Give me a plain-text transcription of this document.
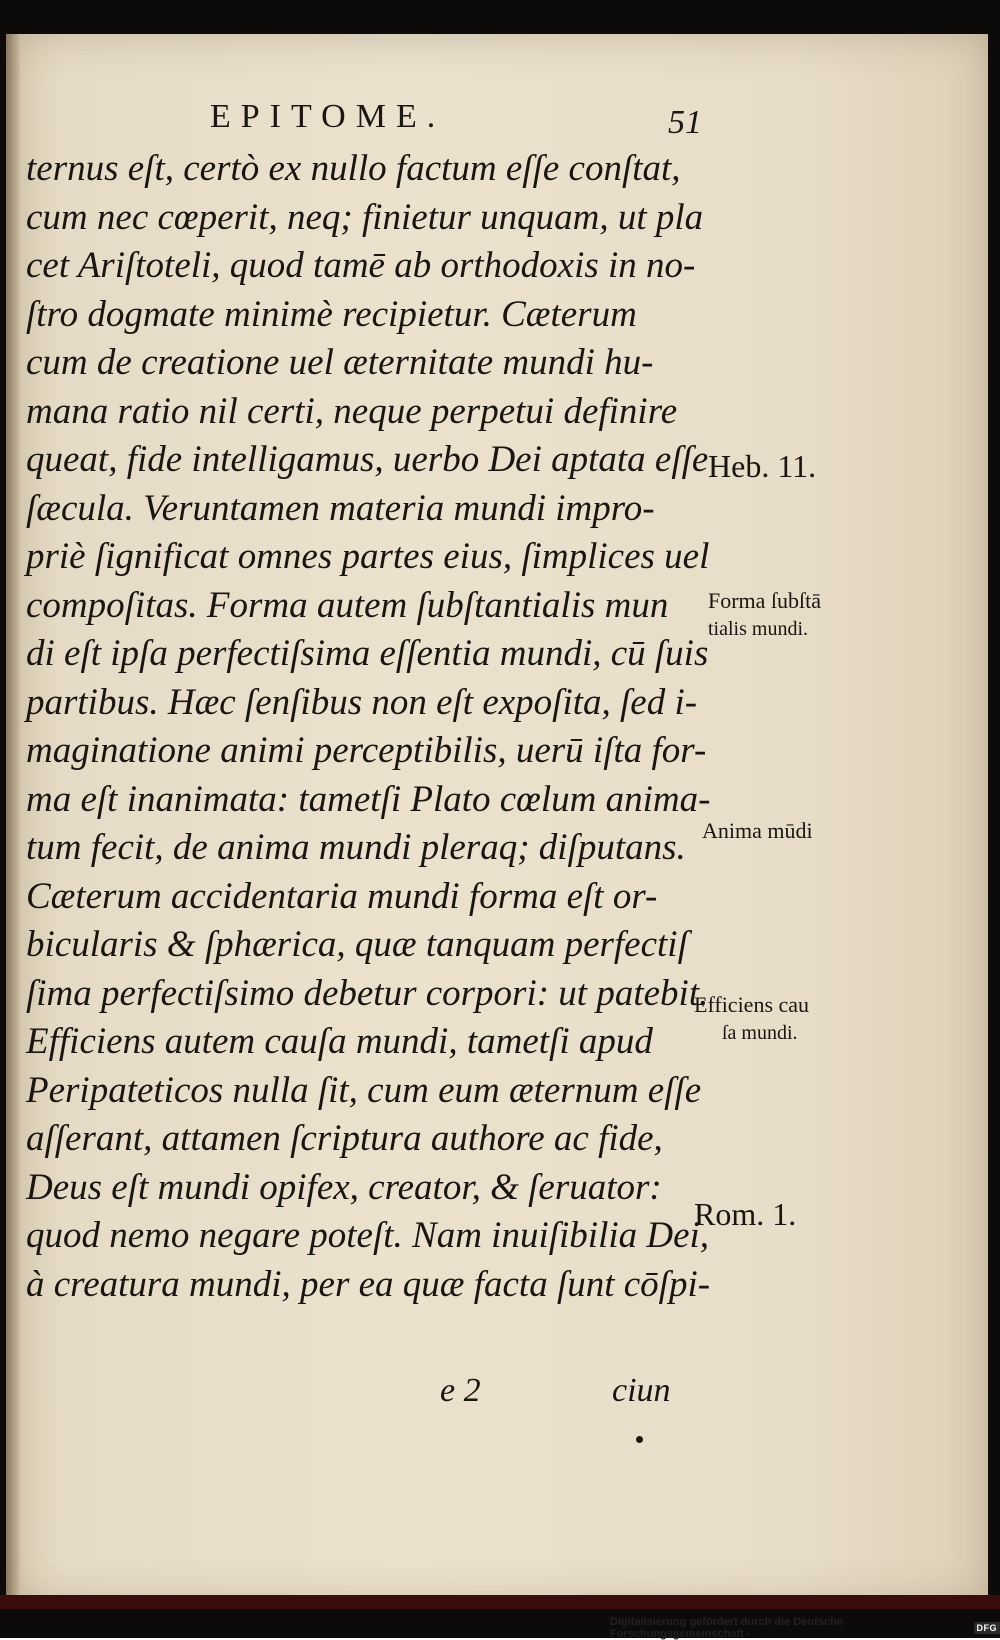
EPITOME.	51
ternus eſt, certò ex nullo factum eſſe conſtat,
cum nec cœperit, neq; finietur unquam, ut pla
cet Ariſtoteli, quod tamē ab orthodoxis in no-
ſtro dogmate minimè recipietur. Cæterum
cum de creatione uel æternitate mundi hu-
mana ratio nil certi, neque perpetui definire
queat, fide intelligamus, uerbo Dei aptata eſſe
ſæcula. Veruntamen materia mundi impro-
priè ſignificat omnes partes eius, ſimplices uel
compoſitas. Forma autem ſubſtantialis mun
di eſt ipſa perfectiſsima eſſentia mundi, cū ſuis
partibus. Hæc ſenſibus non eſt expoſita, ſed i-
maginatione animi perceptibilis, uerū iſta for-
ma eſt inanimata: tametſi Plato cœlum anima-
tum fecit, de anima mundi pleraq; diſputans.
Cæterum accidentaria mundi forma eſt or-
bicularis & ſphærica, quæ tanquam perfectiſ
ſima perfectiſsimo debetur corpori: ut patebit.
Efficiens autem cauſa mundi, tametſi apud
Peripateticos nulla ſit, cum eum æternum eſſe
aſſerant, attamen ſcriptura authore ac fide,
Deus eſt mundi opifex, creator, & ſeruator:
quod nemo negare poteſt. Nam inuiſibilia Dei,
à creatura mundi, per ea quæ facta ſunt cōſpi-
e 2	ciun
Heb. 11.
Forma ſubſtā
tialis mundi.
Anima mūdi
Efficiens cau
ſa mundi.
Rom. 1.
Digitalisierung gefördert durch die Deutsche Forschungsgemeinschaft -	DFG
